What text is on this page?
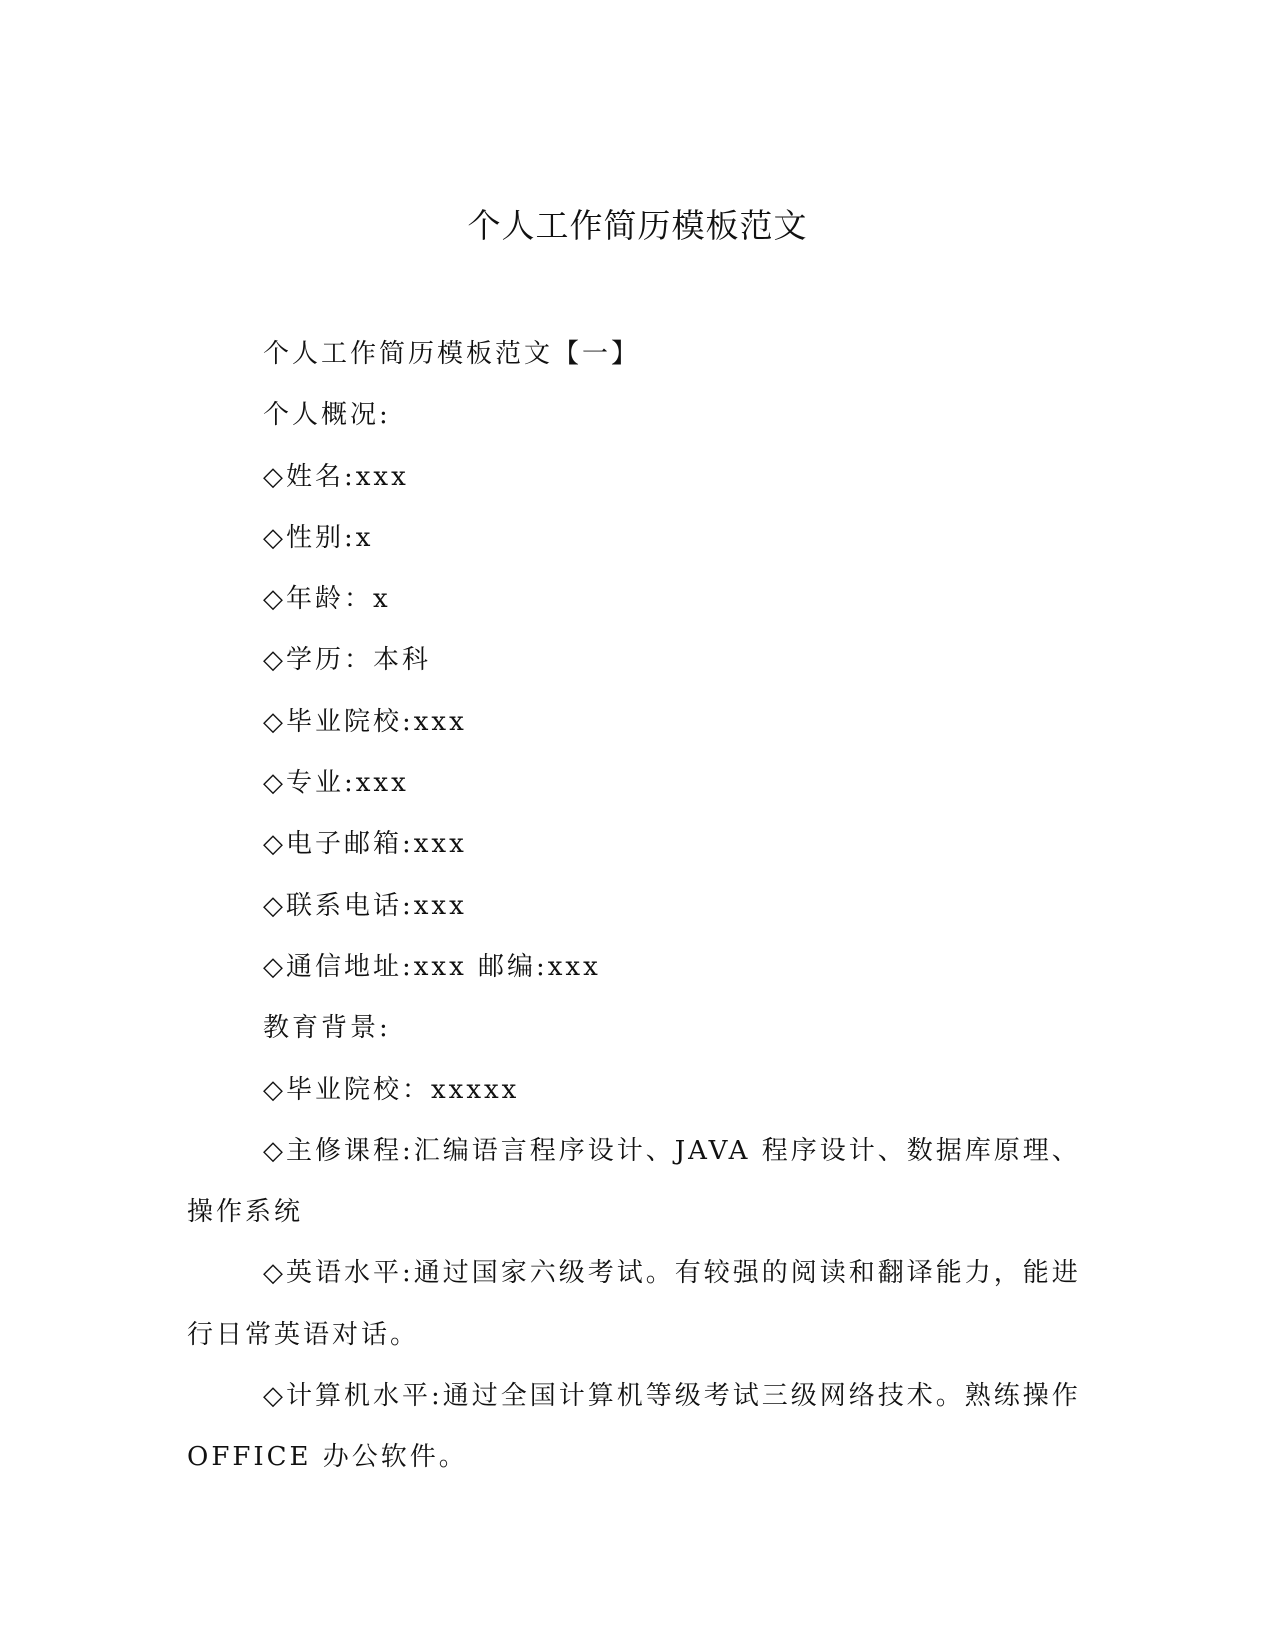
个人工作简历模板范文

个人工作简历模板范文【一】

个人概况:

◇姓名:xxx

◇性别:x

◇年龄：x

◇学历：本科

◇毕业院校:xxx

◇专业:xxx

◇电子邮箱:xxx

◇联系电话:xxx

◇通信地址:xxx 邮编:xxx

教育背景:

◇毕业院校：xxxxx

◇主修课程:汇编语言程序设计、JAVA 程序设计、数据库原理、操作系统

◇英语水平:通过国家六级考试。有较强的阅读和翻译能力，能进行日常英语对话。

◇计算机水平:通过全国计算机等级考试三级网络技术。熟练操作 OFFICE 办公软件。
